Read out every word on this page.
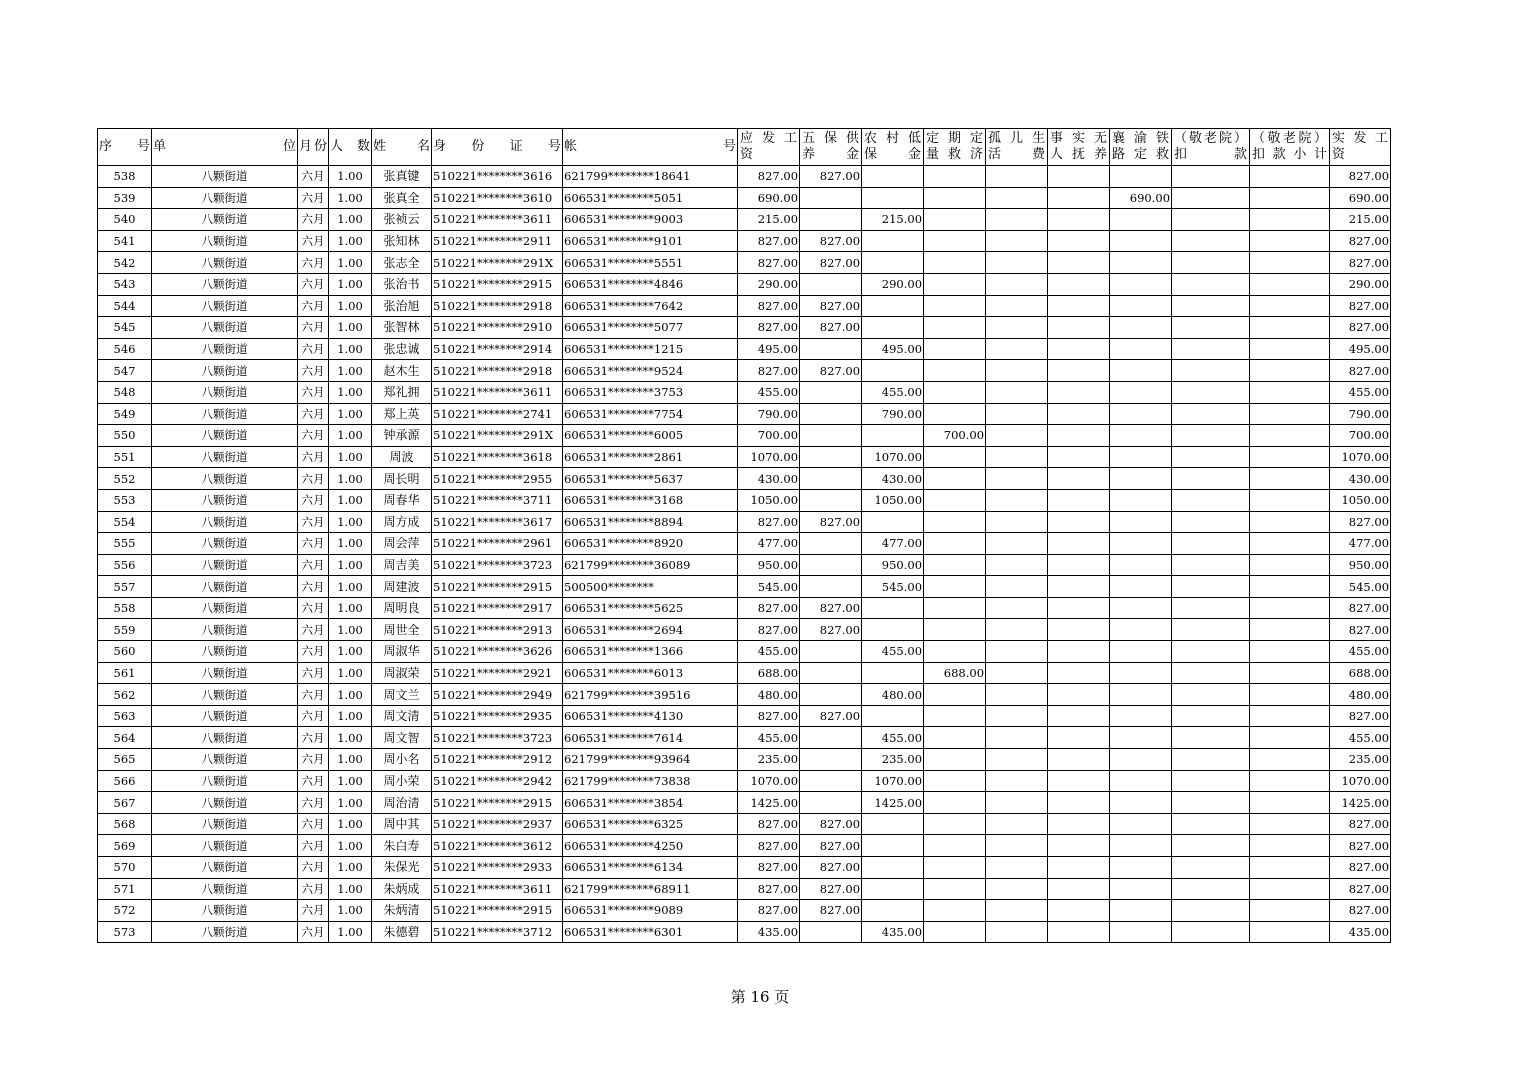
序　号	单　　　　　　　　　位	月份	人 数	姓　　名	身　份　证　号	帐　　　　　　　　　号	应 发 工 资	五 保 供 养 金	农 村 低 保 金	定 期 定 量 救 济	孤 儿 生 活 费	事 实 无 人 抚 养	襄 渝 铁 路 定 救	（敬老院） 扣　　款	（敬老院） 扣 款 小 计	实 发 工 资
538	八颗街道	六月	1.00	张真键	510221********3616	621799********18641	827.00	827.00								827.00
539	八颗街道	六月	1.00	张真全	510221********3610	606531********5051	690.00						690.00			690.00
540	八颗街道	六月	1.00	张祯云	510221********3611	606531********9003	215.00		215.00							215.00
541	八颗街道	六月	1.00	张知林	510221********2911	606531********9101	827.00	827.00								827.00
542	八颗街道	六月	1.00	张志全	510221********291X	606531********5551	827.00	827.00								827.00
543	八颗街道	六月	1.00	张治书	510221********2915	606531********4846	290.00		290.00							290.00
544	八颗街道	六月	1.00	张治旭	510221********2918	606531********7642	827.00	827.00								827.00
545	八颗街道	六月	1.00	张智林	510221********2910	606531********5077	827.00	827.00								827.00
546	八颗街道	六月	1.00	张忠诚	510221********2914	606531********1215	495.00		495.00							495.00
547	八颗街道	六月	1.00	赵木生	510221********2918	606531********9524	827.00	827.00								827.00
548	八颗街道	六月	1.00	郑礼拥	510221********3611	606531********3753	455.00		455.00							455.00
549	八颗街道	六月	1.00	郑上英	510221********2741	606531********7754	790.00		790.00							790.00
550	八颗街道	六月	1.00	钟承源	510221********291X	606531********6005	700.00			700.00						700.00
551	八颗街道	六月	1.00	周波	510221********3618	606531********2861	1070.00		1070.00							1070.00
552	八颗街道	六月	1.00	周长明	510221********2955	606531********5637	430.00		430.00							430.00
553	八颗街道	六月	1.00	周春华	510221********3711	606531********3168	1050.00		1050.00							1050.00
554	八颗街道	六月	1.00	周方成	510221********3617	606531********8894	827.00	827.00								827.00
555	八颗街道	六月	1.00	周会萍	510221********2961	606531********8920	477.00		477.00							477.00
556	八颗街道	六月	1.00	周吉美	510221********3723	621799********36089	950.00		950.00							950.00
557	八颗街道	六月	1.00	周建波	510221********2915	500500********	545.00		545.00							545.00
558	八颗街道	六月	1.00	周明良	510221********2917	606531********5625	827.00	827.00								827.00
559	八颗街道	六月	1.00	周世全	510221********2913	606531********2694	827.00	827.00								827.00
560	八颗街道	六月	1.00	周淑华	510221********3626	606531********1366	455.00		455.00							455.00
561	八颗街道	六月	1.00	周淑荣	510221********2921	606531********6013	688.00			688.00						688.00
562	八颗街道	六月	1.00	周文兰	510221********2949	621799********39516	480.00		480.00							480.00
563	八颗街道	六月	1.00	周文清	510221********2935	606531********4130	827.00	827.00								827.00
564	八颗街道	六月	1.00	周文智	510221********3723	606531********7614	455.00		455.00							455.00
565	八颗街道	六月	1.00	周小名	510221********2912	621799********93964	235.00		235.00							235.00
566	八颗街道	六月	1.00	周小荣	510221********2942	621799********73838	1070.00		1070.00							1070.00
567	八颗街道	六月	1.00	周治清	510221********2915	606531********3854	1425.00		1425.00							1425.00
568	八颗街道	六月	1.00	周中其	510221********2937	606531********6325	827.00	827.00								827.00
569	八颗街道	六月	1.00	朱白寿	510221********3612	606531********4250	827.00	827.00								827.00
570	八颗街道	六月	1.00	朱保光	510221********2933	606531********6134	827.00	827.00								827.00
571	八颗街道	六月	1.00	朱炳成	510221********3611	621799********68911	827.00	827.00								827.00
572	八颗街道	六月	1.00	朱炳清	510221********2915	606531********9089	827.00	827.00								827.00
573	八颗街道	六月	1.00	朱德碧	510221********3712	606531********6301	435.00		435.00							435.00
第 16 页
